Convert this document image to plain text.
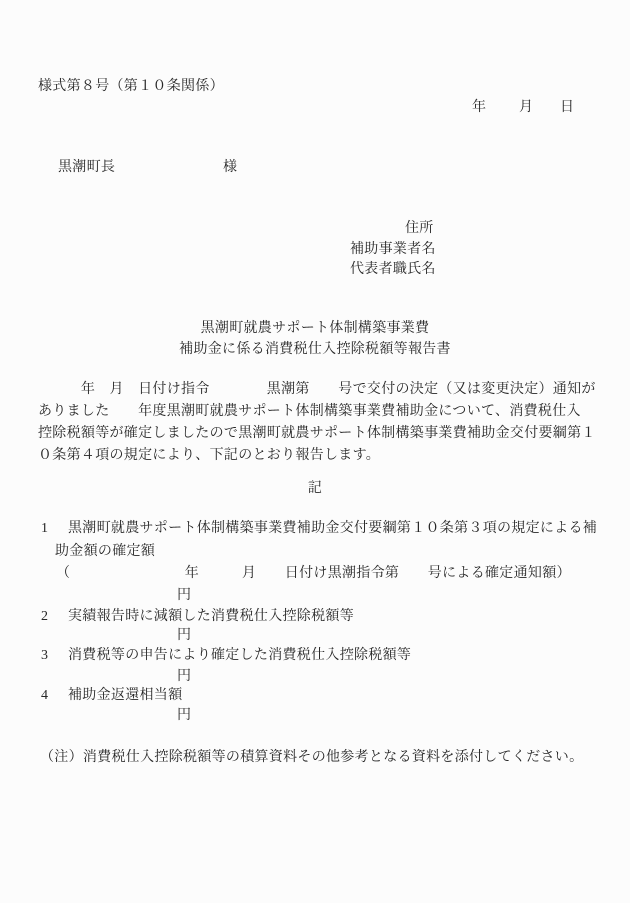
様式第８号（第１０条関係）
年 月 日
黒潮町長	様
住所
補助事業者名
代表者職氏名
黒潮町就農サポート体制構築事業費
補助金に係る消費税仕入控除税額等報告書
　　　年　月　日付け指令　　　　黒潮第　　号で交付の決定（又は変更決定）通知が
ありました　　年度黒潮町就農サポート体制構築事業費補助金について、消費税仕入
控除税額等が確定しましたので黒潮町就農サポート体制構築事業費補助金交付要綱第１
０条第４項の規定により、下記のとおり報告します。
記
1 黒潮町就農サポート体制構築事業費補助金交付要綱第１０条第３項の規定による補
助金額の確定額
（　　　　　　　　年　　　月　　日付け黒潮指令第　　号による確定通知額）
円
2 実績報告時に減額した消費税仕入控除税額等
円
3 消費税等の申告により確定した消費税仕入控除税額等
円
4 補助金返還相当額
円
（注）消費税仕入控除税額等の積算資料その他参考となる資料を添付してください。
